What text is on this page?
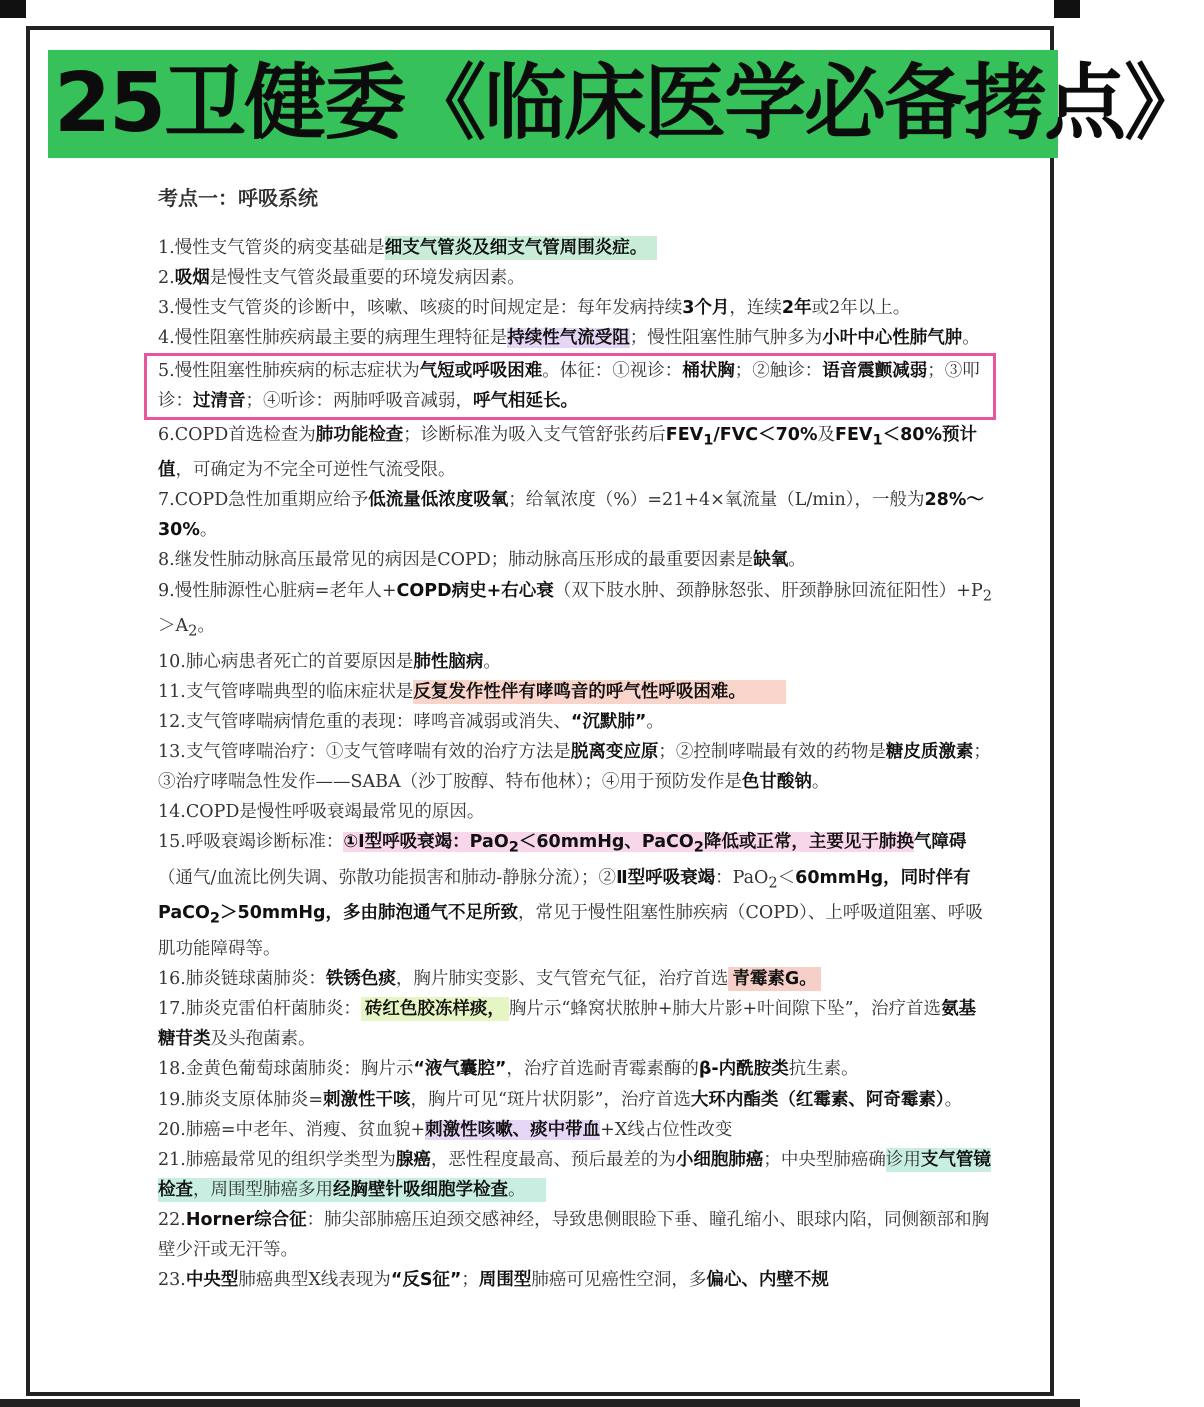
25卫健委《临床医学必备拷点》
考点一：呼吸系统

1.慢性支气管炎的病变基础是细支气管炎及细支气管周围炎症。

2.吸烟是慢性支气管炎最重要的环境发病因素。

3.慢性支气管炎的诊断中，咳嗽、咳痰的时间规定是：每年发病持续3个月，连续2年或2年以上。

4.慢性阻塞性肺疾病最主要的病理生理特征是持续性气流受阻；慢性阻塞性肺气肿多为小叶中心性肺气肿。

5.慢性阻塞性肺疾病的标志症状为气短或呼吸困难。体征：①视诊：桶状胸；②触诊：语音震颤减弱；③叩诊：过清音；④听诊：两肺呼吸音减弱，呼气相延长。

6.COPD首选检查为肺功能检查；诊断标准为吸入支气管舒张药后$FEV_1/FVC<70\%$及$FEV_1<80\%$预计值，可确定为不完全可逆性气流受限。

7.COPD急性加重期应给予低流量低浓度吸氧；给氧浓度（%）=21+4×氧流量（L/min），一般为28%～30%。

8.继发性肺动脉高压最常见的病因是COPD；肺动脉高压形成的最重要因素是缺氧。

9.慢性肺源性心脏病=老年人+COPD病史+右心衰（双下肢水肿、颈静脉怒张、肝颈静脉回流征阳性）$+P_2>A_2$。

10.肺心病患者死亡的首要原因是肺性脑病。

11.支气管哮喘典型的临床症状是反复发作性伴有哮鸣音的呼气性呼吸困难。

12.支气管哮喘病情危重的表现：哮鸣音减弱或消失、“沉默肺”。

13.支气管哮喘治疗：①支气管哮喘有效的治疗方法是脱离变应原；②控制哮喘最有效的药物是糖皮质激素；③治疗哮喘急性发作——SABA（沙丁胺醇、特布他林）；④用于预防发作是色甘酸钠。

14.COPD是慢性呼吸衰竭最常见的原因。

15.呼吸衰竭诊断标准：①Ⅰ型呼吸衰竭：PaO$_2$＜60mmHg、PaCO$_2$降低或正常，主要见于肺换气障碍（通气/血流比例失调、弥散功能损害和肺动-静脉分流）；②Ⅱ型呼吸衰竭：PaO$_2$＜60mmHg，同时伴有PaCO$_2$＞50mmHg，多由肺泡通气不足所致，常见于慢性阻塞性肺疾病（COPD）、上呼吸道阻塞、呼吸肌功能障碍等。

16.肺炎链球菌肺炎：铁锈色痰，胸片肺实变影、支气管充气征，治疗首选 青霉素G。

17.肺炎克雷伯杆菌肺炎： 砖红色胶冻样痰， 胸片示“蜂窝状脓肿+肺大片影+叶间隙下坠”，治疗首选氨基糖苷类及头孢菌素。

18.金黄色葡萄球菌肺炎：胸片示“液气囊腔”，治疗首选耐青霉素酶的β-内酰胺类抗生素。

19.肺炎支原体肺炎=刺激性干咳，胸片可见“斑片状阴影”，治疗首选大环内酯类（红霉素、阿奇霉素）。

20.肺癌=中老年、消瘦、贫血貌+刺激性咳嗽、痰中带血+X线占位性改变

21.肺癌最常见的组织学类型为腺癌，恶性程度最高、预后最差的为小细胞肺癌；中央型肺癌确诊用支气管镜检查，周围型肺癌多用经胸壁针吸细胞学检查。

22.Horner综合征：肺尖部肺癌压迫颈交感神经，导致患侧眼睑下垂、瞳孔缩小、眼球内陷，同侧额部和胸壁少汗或无汗等。

23.中央型肺癌典型X线表现为“反S征”；周围型肺癌可见癌性空洞，多偏心、内壁不规
